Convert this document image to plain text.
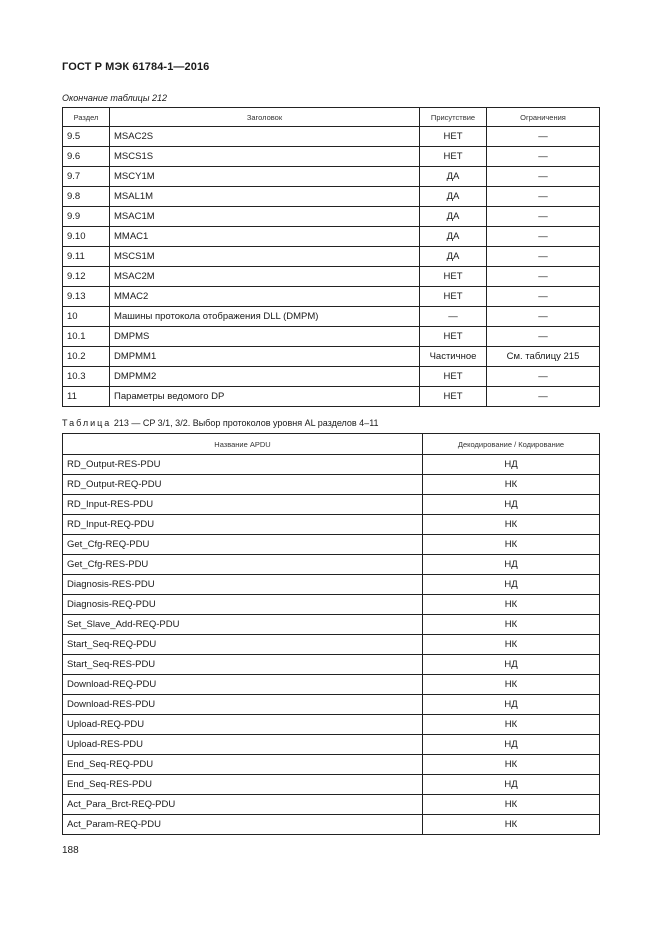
ГОСТ Р МЭК 61784-1—2016
Окончание таблицы 212
Раздел	Заголовок	Присутствие	Ограничения
9.5	MSAC2S	НЕТ	—
9.6	MSCS1S	НЕТ	—
9.7	MSCY1M	ДА	—
9.8	MSAL1M	ДА	—
9.9	MSAC1M	ДА	—
9.10	MMAC1	ДА	—
9.11	MSCS1M	ДА	—
9.12	MSAC2M	НЕТ	—
9.13	MMAC2	НЕТ	—
10	Машины протокола отображения DLL (DMPM)	—	—
10.1	DMPMS	НЕТ	—
10.2	DMPMM1	Частичное	См. таблицу 215
10.3	DMPMM2	НЕТ	—
11	Параметры ведомого DP	НЕТ	—
Таблица 213 — CP 3/1, 3/2. Выбор протоколов уровня AL разделов 4–11
Название APDU	Декодирование / Кодирование
RD_Output-RES-PDU	НД
RD_Output-REQ-PDU	НК
RD_Input-RES-PDU	НД
RD_Input-REQ-PDU	НК
Get_Cfg-REQ-PDU	НК
Get_Cfg-RES-PDU	НД
Diagnosis-RES-PDU	НД
Diagnosis-REQ-PDU	НК
Set_Slave_Add-REQ-PDU	НК
Start_Seq-REQ-PDU	НК
Start_Seq-RES-PDU	НД
Download-REQ-PDU	НК
Download-RES-PDU	НД
Upload-REQ-PDU	НК
Upload-RES-PDU	НД
End_Seq-REQ-PDU	НК
End_Seq-RES-PDU	НД
Act_Para_Brct-REQ-PDU	НК
Act_Param-REQ-PDU	НК
188
